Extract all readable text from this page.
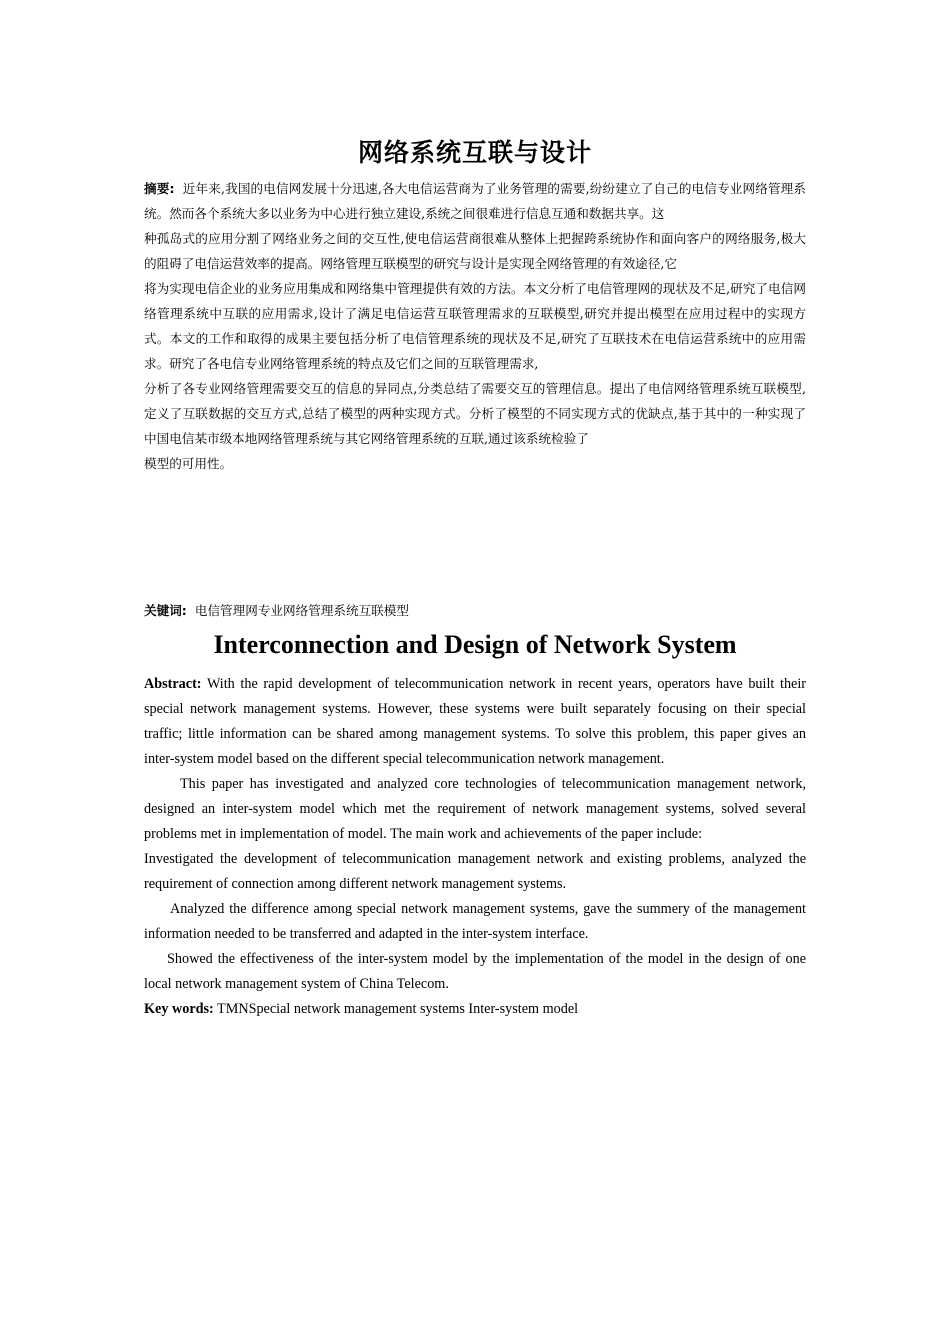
网络系统互联与设计

摘要: 近年来,我国的电信网发展十分迅速,各大电信运营商为了业务管理的需要,纷纷建立了自己的电信专业网络管理系统。然而各个系统大多以业务为中心进行独立建设,系统之间很难进行信息互通和数据共享。这

种孤岛式的应用分割了网络业务之间的交互性,使电信运营商很难从整体上把握跨系统协作和面向客户的网络服务,极大的阻碍了电信运营效率的提高。网络管理互联模型的研究与设计是实现全网络管理的有效途径,它

将为实现电信企业的业务应用集成和网络集中管理提供有效的方法。本文分析了电信管理网的现状及不足,研究了电信网络管理系统中互联的应用需求,设计了满足电信运营互联管理需求的互联模型,研究并提出模型在应用过程中的实现方式。本文的工作和取得的成果主要包括分析了电信管理系统的现状及不足,研究了互联技术在电信运营系统中的应用需求。研究了各电信专业网络管理系统的特点及它们之间的互联管理需求,

分析了各专业网络管理需要交互的信息的异同点,分类总结了需要交互的管理信息。提出了电信网络管理系统互联模型,定义了互联数据的交互方式,总结了模型的两种实现方式。分析了模型的不同实现方式的优缺点,基于其中的一种实现了中国电信某市级本地网络管理系统与其它网络管理系统的互联,通过该系统检验了

模型的可用性。

关键词: 电信管理网专业网络管理系统互联模型
Interconnection and Design of Network System

Abstract: With the rapid development of telecommunication network in recent years, operators have built their special network management systems. However, these systems were built separately focusing on their special traffic; little information can be shared among management systems. To solve this problem, this paper gives an inter-system model based on the different special telecommunication network management.

This paper has investigated and analyzed core technologies of telecommunication management network, designed an inter-system model which met the requirement of network management systems, solved several problems met in implementation of model. The main work and achievements of the paper include:

Investigated the development of telecommunication management network and existing problems, analyzed the requirement of connection among different network management systems.

Analyzed the difference among special network management systems, gave the summery of the management information needed to be transferred and adapted in the inter-system interface.

Showed the effectiveness of the inter-system model by the implementation of the model in the design of one local network management system of China Telecom.

Key words: TMNSpecial network management systems Inter-system model
